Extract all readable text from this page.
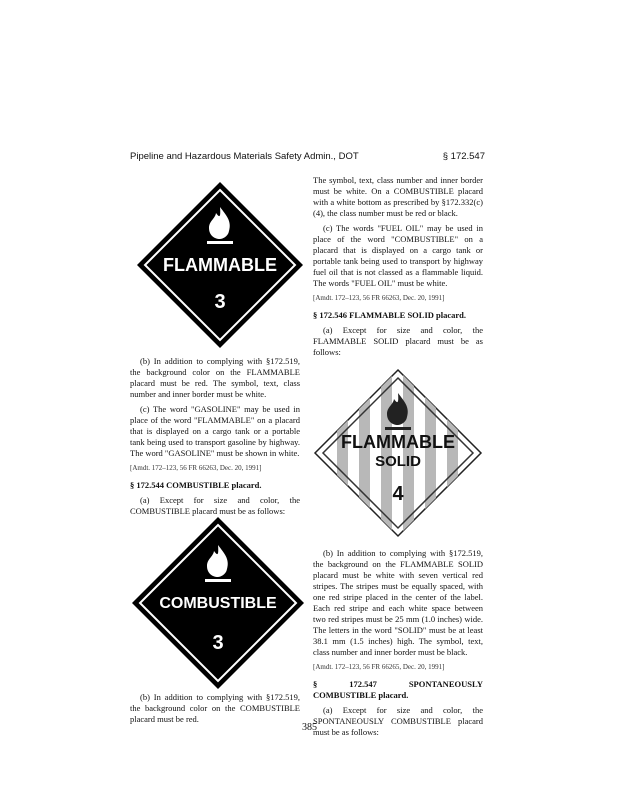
Pipeline and Hazardous Materials Safety Admin., DOT	§ 172.547
FLAMMABLE
3

(b) In addition to complying with §172.519, the background color on the FLAMMABLE placard must be red. The symbol, text, class number and inner border must be white.

(c) The word "GASOLINE" may be used in place of the word "FLAMMABLE" on a placard that is displayed on a cargo tank or a portable tank being used to transport gasoline by highway. The word "GASOLINE" must be shown in white.

[Amdt. 172–123, 56 FR 66263, Dec. 20, 1991]

§ 172.544 COMBUSTIBLE placard.

(a) Except for size and color, the COMBUSTIBLE placard must be as follows:

COMBUSTIBLE
3

(b) In addition to complying with §172.519, the background color on the COMBUSTIBLE placard must be red.

The symbol, text, class number and inner border must be white. On a COMBUSTIBLE placard with a white bottom as prescribed by §172.332(c)(4), the class number must be red or black.

(c) The words "FUEL OIL" may be used in place of the word "COMBUSTIBLE" on a placard that is displayed on a cargo tank or portable tank being used to transport by highway fuel oil that is not classed as a flammable liquid. The words "FUEL OIL" must be white.

[Amdt. 172–123, 56 FR 66263, Dec. 20, 1991]

§ 172.546 FLAMMABLE SOLID placard.

(a) Except for size and color, the FLAMMABLE SOLID placard must be as follows:

FLAMMABLE
SOLID
4

(b) In addition to complying with §172.519, the background on the FLAMMABLE SOLID placard must be white with seven vertical red stripes. The stripes must be equally spaced, with one red stripe placed in the center of the label. Each red stripe and each white space between two red stripes must be 25 mm (1.0 inches) wide. The letters in the word "SOLID" must be at least 38.1 mm (1.5 inches) high. The symbol, text, class number and inner border must be black.

[Amdt. 172–123, 56 FR 66265, Dec. 20, 1991]

§ 172.547 SPONTANEOUSLY COMBUSTIBLE placard.

(a) Except for size and color, the SPONTANEOUSLY COMBUSTIBLE placard must be as follows:

385
